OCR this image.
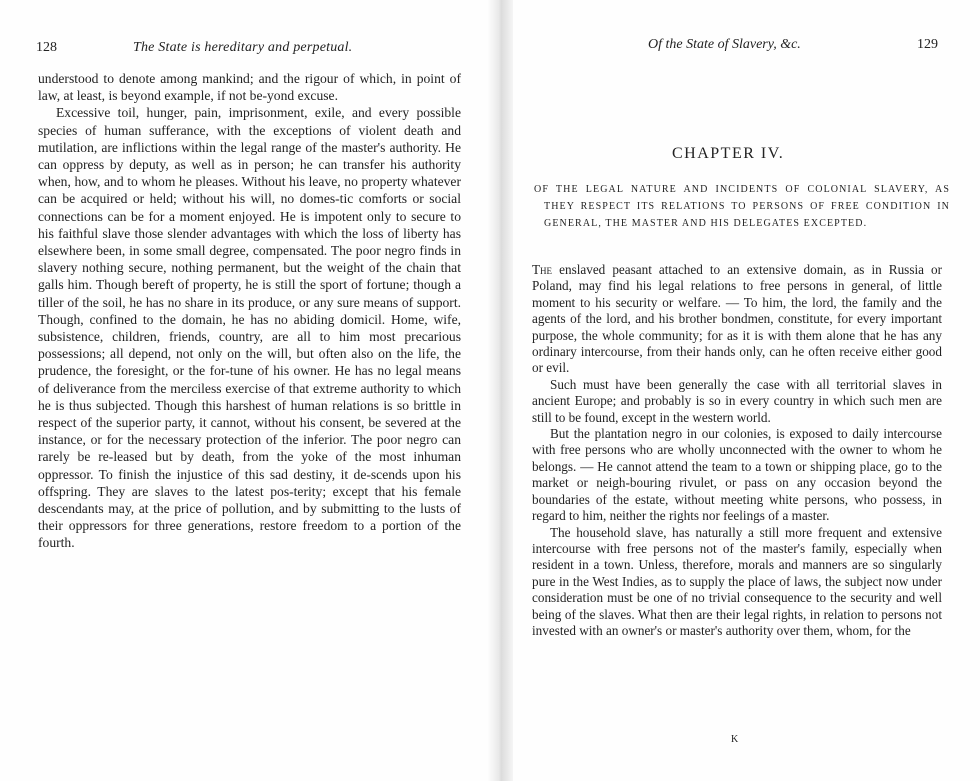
128	The State is hereditary and perpetual.

understood to denote among mankind; and the rigour of which, in point of law, at least, is beyond example, if not be-yond excuse.

Excessive toil, hunger, pain, imprisonment, exile, and every possible species of human sufferance, with the exceptions of violent death and mutilation, are inflictions within the legal range of the master's authority. He can oppress by deputy, as well as in person; he can transfer his authority when, how, and to whom he pleases. Without his leave, no property whatever can be acquired or held; without his will, no domes-tic comforts or social connections can be for a moment enjoyed. He is impotent only to secure to his faithful slave those slender advantages with which the loss of liberty has elsewhere been, in some small degree, compensated. The poor negro finds in slavery nothing secure, nothing permanent, but the weight of the chain that galls him. Though bereft of property, he is still the sport of fortune; though a tiller of the soil, he has no share in its produce, or any sure means of support. Though, confined to the domain, he has no abiding domicil. Home, wife, subsistence, children, friends, country, are all to him most precarious possessions; all depend, not only on the will, but often also on the life, the prudence, the foresight, or the for-tune of his owner. He has no legal means of deliverance from the merciless exercise of that extreme authority to which he is thus subjected. Though this harshest of human relations is so brittle in respect of the superior party, it cannot, without his consent, be severed at the instance, or for the necessary protection of the inferior. The poor negro can rarely be re-leased but by death, from the yoke of the most inhuman oppressor. To finish the injustice of this sad destiny, it de-scends upon his offspring. They are slaves to the latest pos-terity; except that his female descendants may, at the price of pollution, and by submitting to the lusts of their oppressors for three generations, restore freedom to a portion of the fourth.

Of the State of Slavery, &c.	129
CHAPTER IV.

OF THE LEGAL NATURE AND INCIDENTS OF COLONIAL SLAVERY, AS THEY RESPECT ITS RELATIONS TO PERSONS OF FREE CONDITION IN GENERAL, THE MASTER AND HIS DELEGATES EXCEPTED.

The enslaved peasant attached to an extensive domain, as in Russia or Poland, may find his legal relations to free persons in general, of little moment to his security or welfare. — To him, the lord, the family and the agents of the lord, and his brother bondmen, constitute, for every important purpose, the whole community; for as it is with them alone that he has any ordinary intercourse, from their hands only, can he often receive either good or evil.

Such must have been generally the case with all territorial slaves in ancient Europe; and probably is so in every country in which such men are still to be found, except in the western world.

But the plantation negro in our colonies, is exposed to daily intercourse with free persons who are wholly unconnected with the owner to whom he belongs. — He cannot attend the team to a town or shipping place, go to the market or neigh-bouring rivulet, or pass on any occasion beyond the boundaries of the estate, without meeting white persons, who possess, in regard to him, neither the rights nor feelings of a master.

The household slave, has naturally a still more frequent and extensive intercourse with free persons not of the master's family, especially when resident in a town. Unless, therefore, morals and manners are so singularly pure in the West Indies, as to supply the place of laws, the subject now under consideration must be one of no trivial consequence to the security and well being of the slaves. What then are their legal rights, in relation to persons not invested with an owner's or master's authority over them, whom, for the

K
